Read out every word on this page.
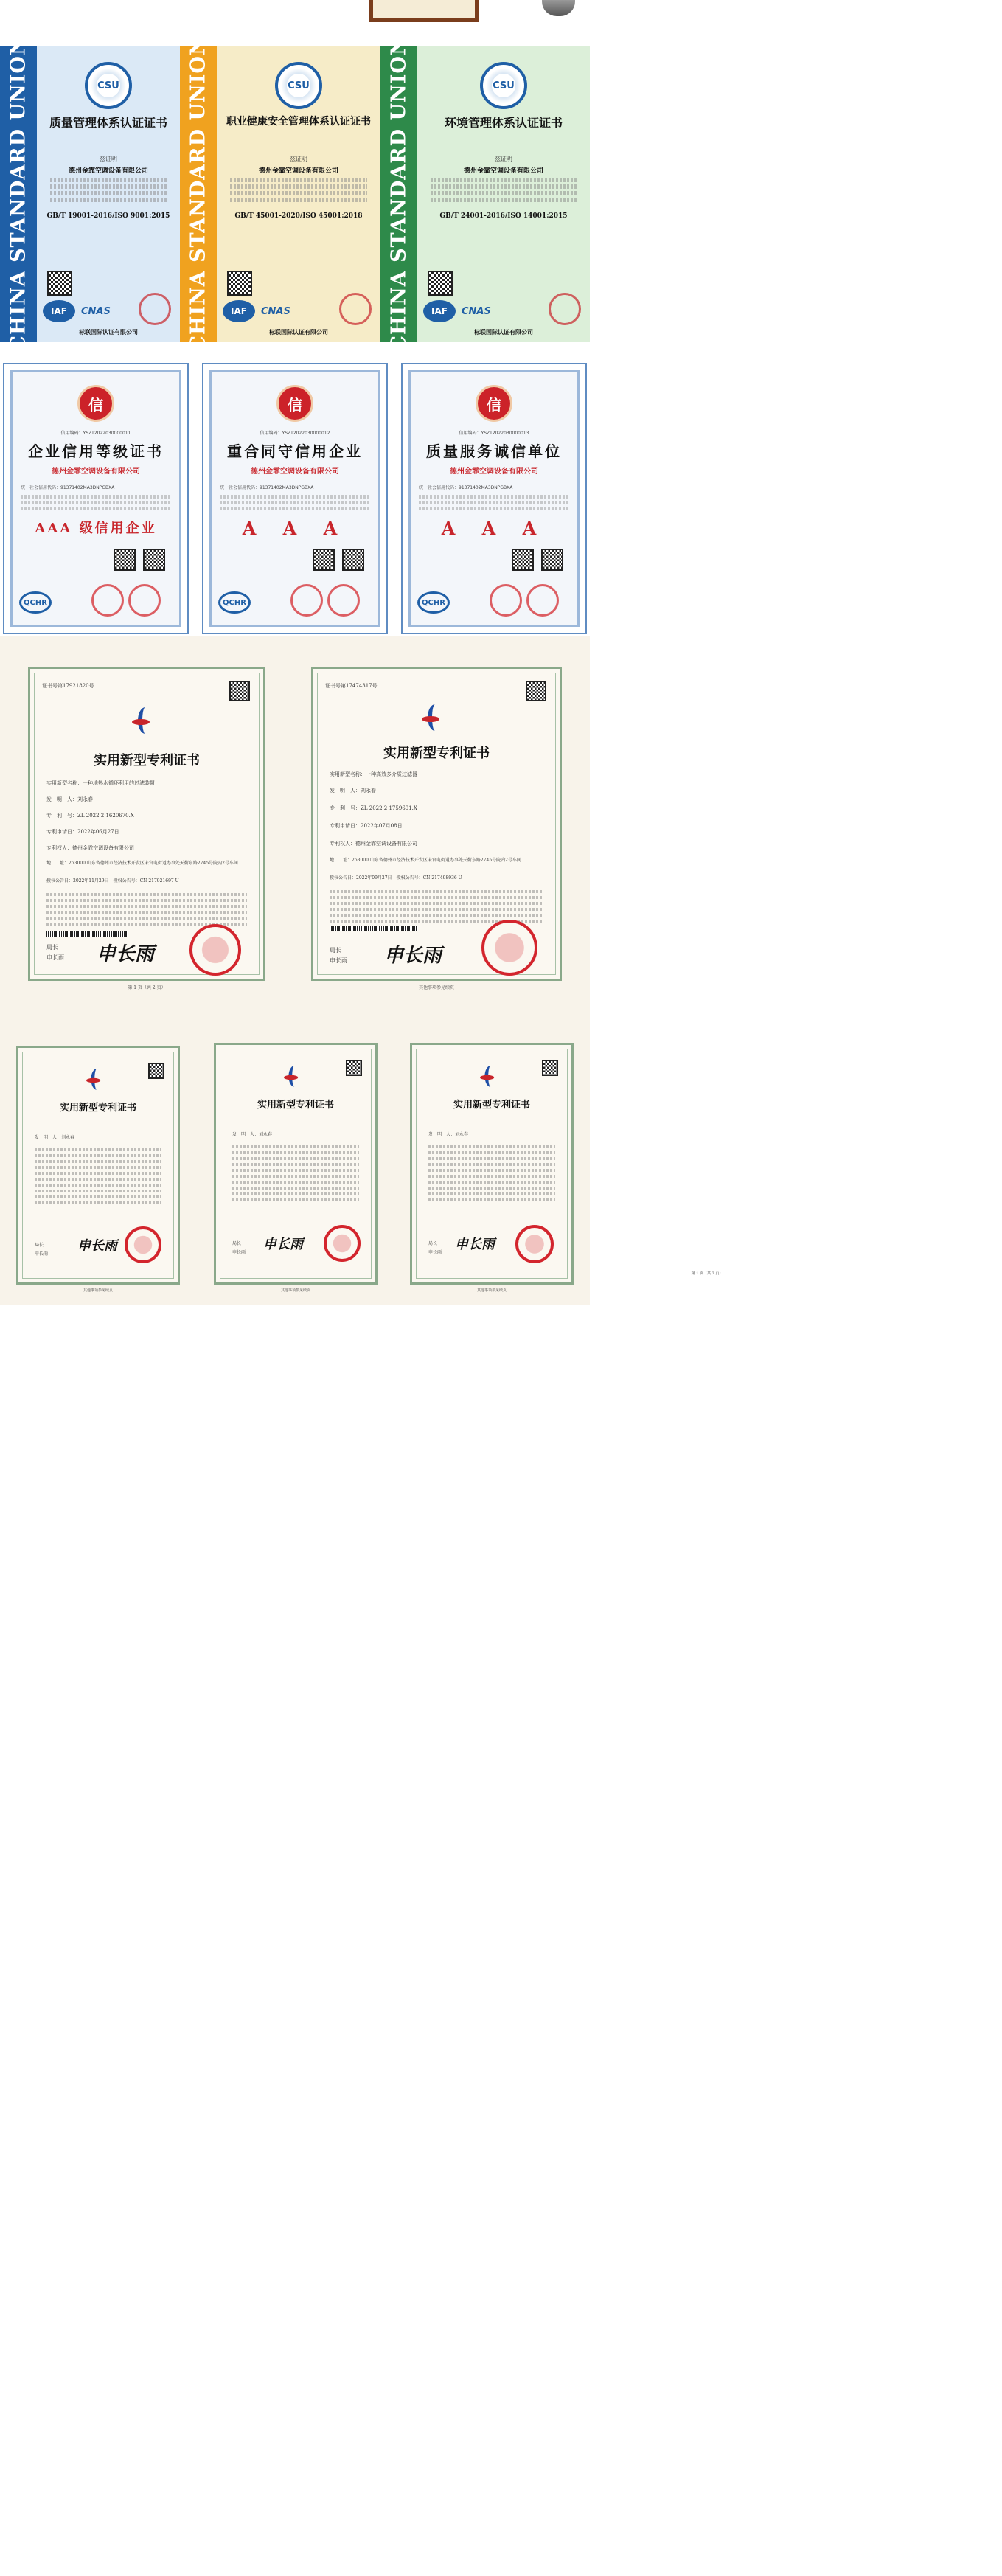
CHINA STANDARD UNION	CSU
质量管理体系认证证书
兹证明
德州金霏空调设备有限公司
GB/T 19001-2016/ISO 9001:2015
IAF	CNAS
标联国际认证有限公司	CHINA STANDARD UNION	CSU
职业健康安全管理体系认证证书
兹证明
德州金霏空调设备有限公司
GB/T 45001-2020/ISO 45001:2018
IAF	CNAS
标联国际认证有限公司	CHINA STANDARD UNION	CSU
环境管理体系认证证书
兹证明
德州金霏空调设备有限公司
GB/T 24001-2016/ISO 14001:2015
IAF	CNAS
标联国际认证有限公司
信
信用编码：YSZT2022030000011
企业信用等级证书
德州金霏空调设备有限公司
统一社会信用代码：91371402MA3DNPGBXA
AAA 级信用企业
QCHR
信
信用编码：YSZT2022030000012
重合同守信用企业
德州金霏空调设备有限公司
统一社会信用代码：91371402MA3DNPGBXA
A A A
QCHR
信
信用编码：YSZT2022030000013
质量服务诚信单位
德州金霏空调设备有限公司
统一社会信用代码：91371402MA3DNPGBXA
A A A
QCHR
证书号第17921820号
实用新型专利证书
实用新型名称：一种地热水循环利用的过滤装置
发　明　人：刘永春
专　利　号：ZL 2022 2 1620670.X
专利申请日：2022年06月27日
专利权人：德州金霏空调设备有限公司
地　　址：253000 山东省德州市经济技术开发区宋官屯街道办事处天衢东路2745号院内2号车间
授权公告日：2022年11月29日　 授权公告号：CN 217921697 U
局长
申长雨 申长雨
第 1 页（共 2 页）
证书号第17474317号
实用新型专利证书
实用新型名称：一种高效多介质过滤器
发　明　人：刘永春
专　利　号：ZL 2022 2 1759691.X
专利申请日：2022年07月08日
专利权人：德州金霏空调设备有限公司
地　　址：253000 山东省德州市经济技术开发区宋官屯街道办事处天衢东路2745号院内2号车间
授权公告日：2022年09月27日　 授权公告号：CN 217498936 U
局长
申长雨 申长雨
其他事项参见续页
实用新型专利证书
发　明　人：刘永春
局长
申长雨
申长雨
其他事项参见续页
实用新型专利证书
发　明　人：刘永春
局长
申长雨
申长雨
其他事项参见续页
实用新型专利证书
发　明　人：刘永春
局长
申长雨
申长雨
第 1 页（共 2 页）
其他事项参见续页
